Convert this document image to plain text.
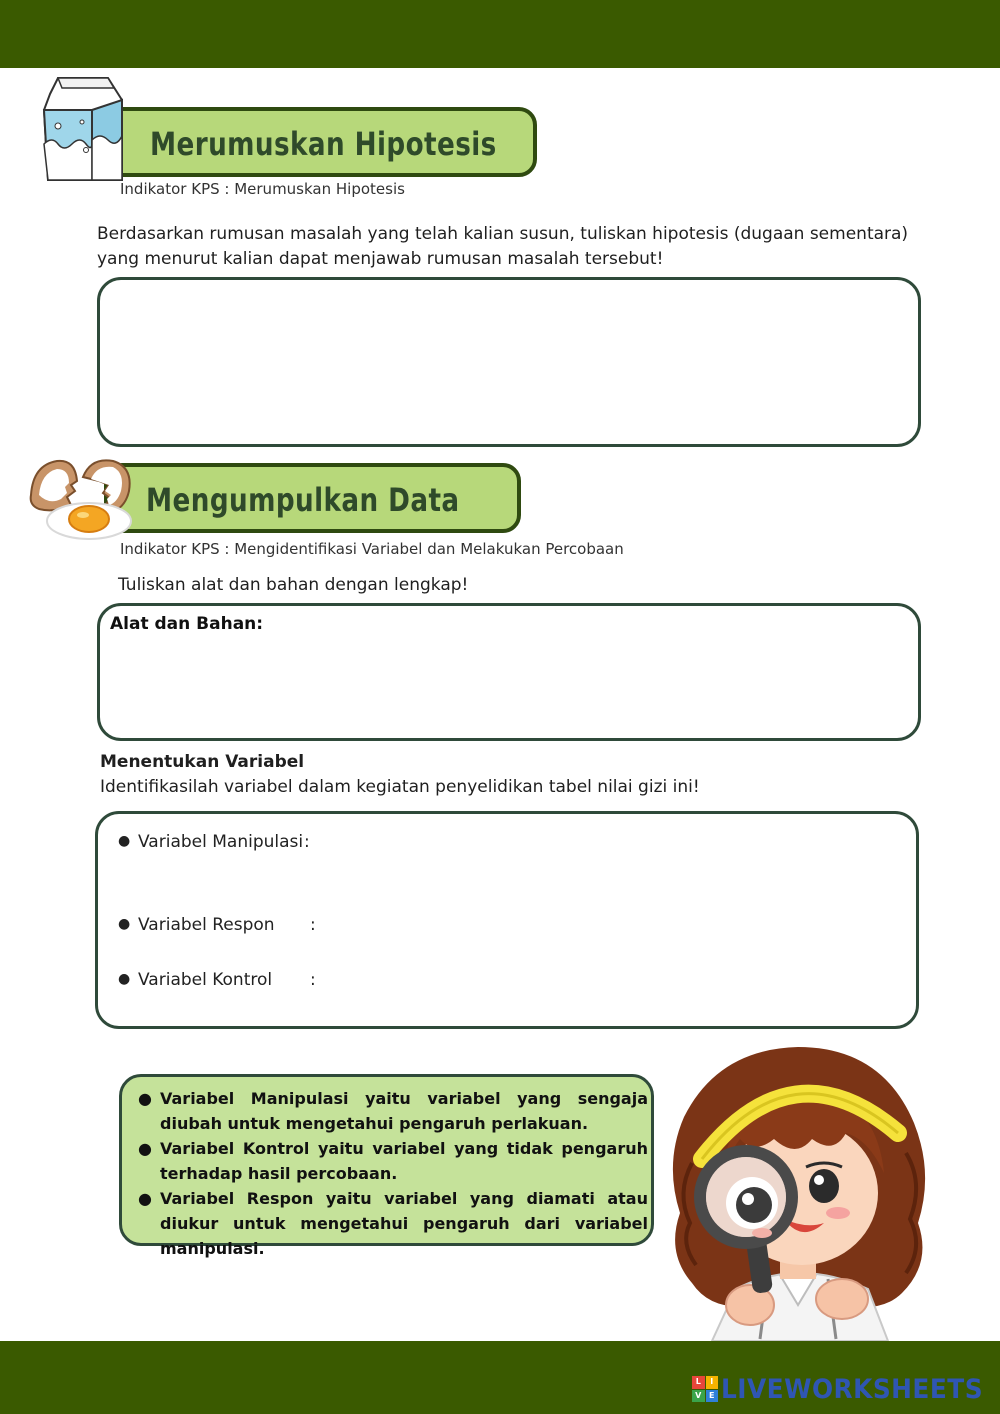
Merumuskan Hipotesis
Indikator KPS : Merumuskan Hipotesis
Berdasarkan rumusan masalah yang telah kalian susun, tuliskan hipotesis (dugaan sementara) yang menurut kalian dapat menjawab rumusan masalah tersebut!
Mengumpulkan Data
Indikator KPS : Mengidentifikasi Variabel dan Melakukan Percobaan
Tuliskan alat dan bahan dengan lengkap!
Alat dan Bahan:
Menentukan Variabel
Identifikasilah variabel dalam kegiatan penyelidikan tabel nilai gizi ini!
● Variabel Manipulasi :
● Variabel Respon :
● Variabel Kontrol :
● Variabel Manipulasi yaitu variabel yang sengaja diubah untuk mengetahui pengaruh perlakuan.
● Variabel Kontrol yaitu variabel yang tidak pengaruh terhadap hasil percobaan.
● Variabel Respon yaitu variabel yang diamati atau diukur untuk mengetahui pengaruh dari variabel manipulasi.
L	I
V E LIVEWORKSHEETS
